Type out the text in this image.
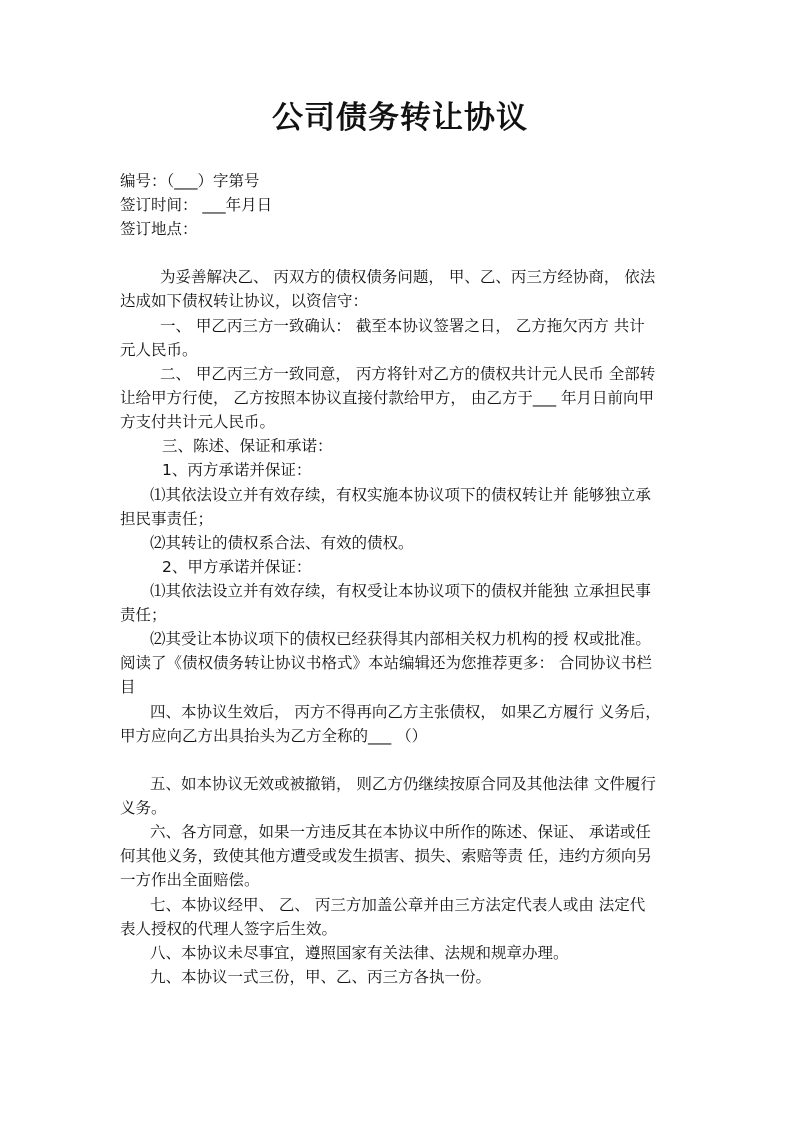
公司债务转让协议
编号：（___）字第号
签订时间： ___年月日
签订地点：
为妥善解决乙、 丙双方的债权债务问题， 甲、乙、丙三方经协商， 依法
达成如下债权转让协议，以资信守：
一、 甲乙丙三方一致确认： 截至本协议签署之日， 乙方拖欠丙方 共计
元人民币。
二、 甲乙丙三方一致同意， 丙方将针对乙方的债权共计元人民币 全部转
让给甲方行使， 乙方按照本协议直接付款给甲方， 由乙方于___ 年月日前向甲
方支付共计元人民币。
三、陈述、保证和承诺：
1、丙方承诺并保证：
⑴其依法设立并有效存续，有权实施本协议项下的债权转让并 能够独立承
担民事责任；
⑵其转让的债权系合法、有效的债权。
2、甲方承诺并保证：
⑴其依法设立并有效存续，有权受让本协议项下的债权并能独 立承担民事
责任；
⑵其受让本协议项下的债权已经获得其内部相关权力机构的授 权或批准。
阅读了《债权债务转让协议书格式》本站编辑还为您推荐更多： 合同协议书栏
目
四、本协议生效后， 丙方不得再向乙方主张债权， 如果乙方履行 义务后，
甲方应向乙方出具抬头为乙方全称的___ （）
五、如本协议无效或被撤销， 则乙方仍继续按原合同及其他法律 文件履行
义务。
六、各方同意，如果一方违反其在本协议中所作的陈述、保证、 承诺或任
何其他义务，致使其他方遭受或发生损害、损失、索赔等责 任，违约方须向另
一方作出全面赔偿。
七、本协议经甲、 乙、 丙三方加盖公章并由三方法定代表人或由 法定代
表人授权的代理人签字后生效。
八、本协议未尽事宜，遵照国家有关法律、法规和规章办理。
九、本协议一式三份，甲、乙、丙三方各执一份。
